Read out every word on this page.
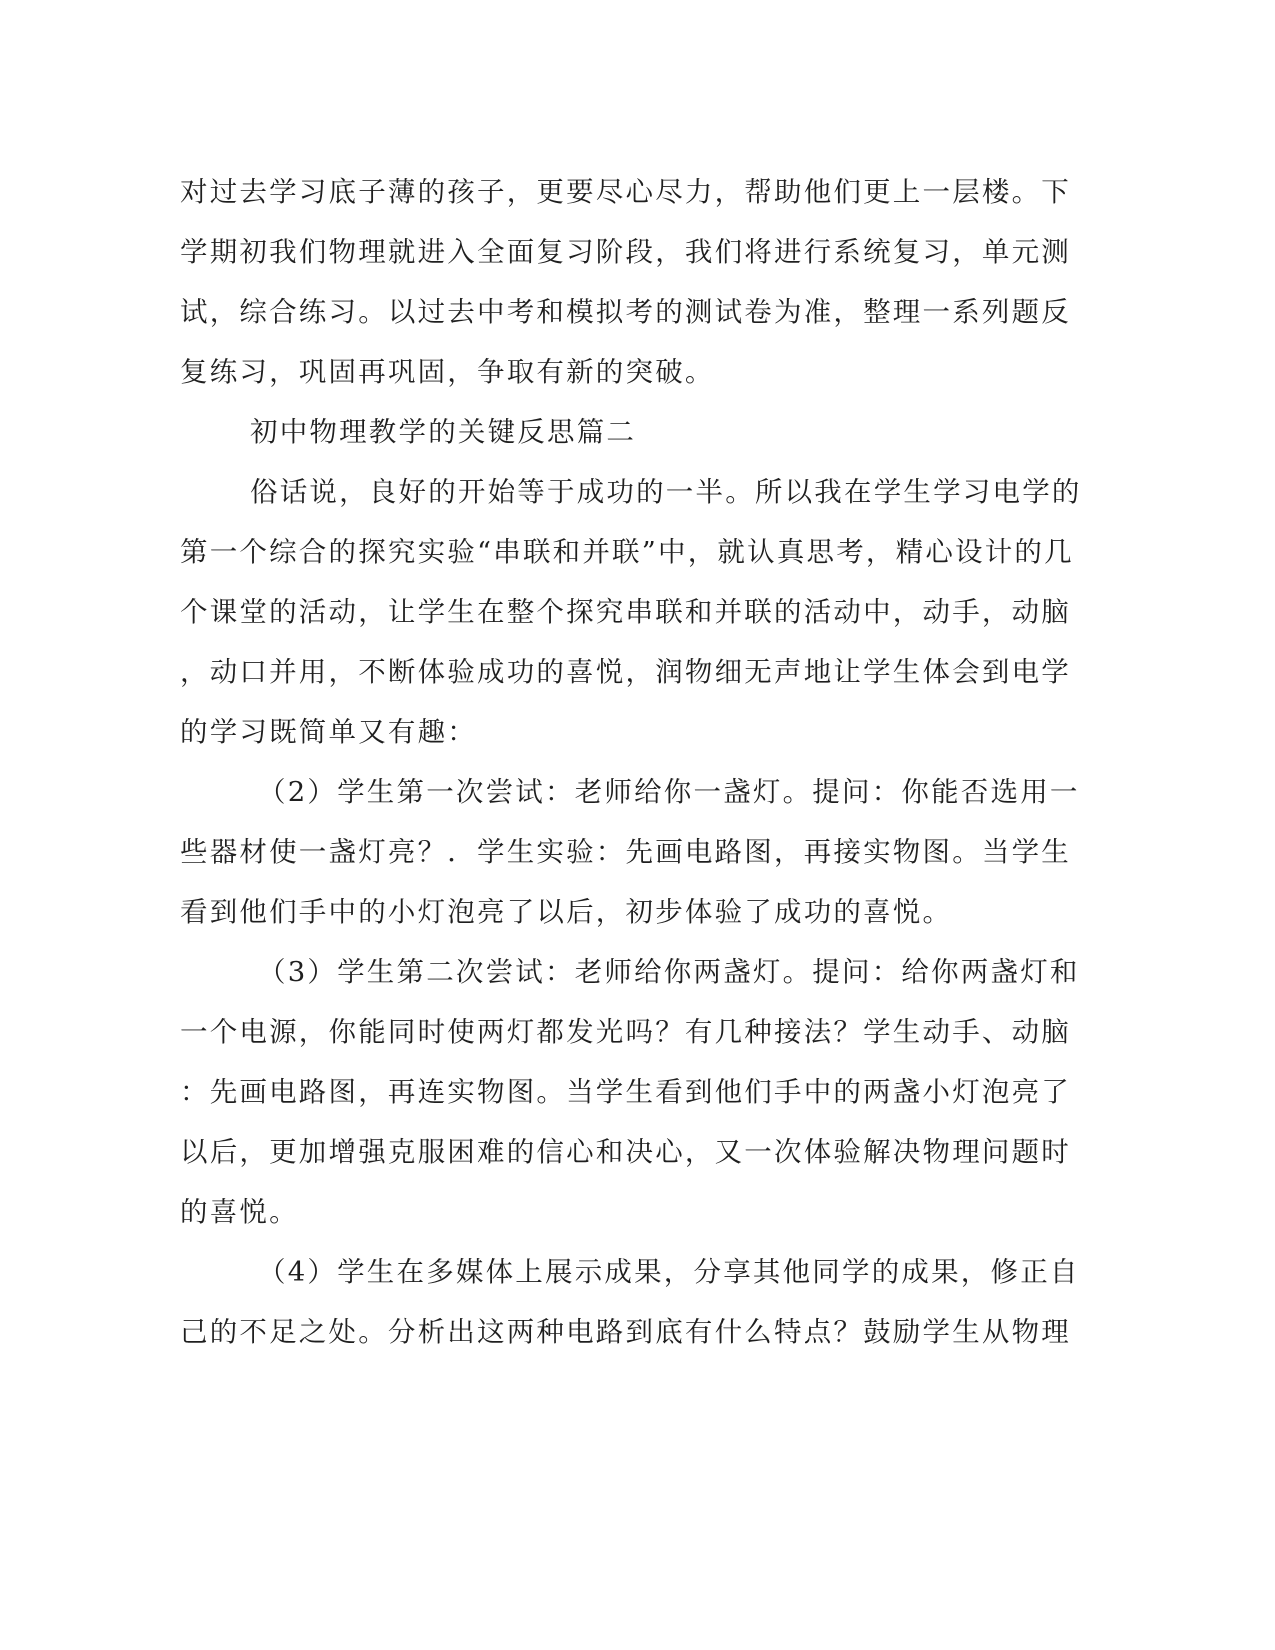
对过去学习底子薄的孩子，更要尽心尽力，帮助他们更上一层楼。下
学期初我们物理就进入全面复习阶段，我们将进行系统复习，单元测
试，综合练习。以过去中考和模拟考的测试卷为准，整理一系列题反
复练习，巩固再巩固，争取有新的突破。
初中物理教学的关键反思篇二
俗话说，良好的开始等于成功的一半。所以我在学生学习电学的
第一个综合的探究实验“串联和并联”中，就认真思考，精心设计的几
个课堂的活动，让学生在整个探究串联和并联的活动中，动手，动脑
，动口并用，不断体验成功的喜悦，润物细无声地让学生体会到电学
的学习既简单又有趣：
（2）学生第一次尝试：老师给你一盏灯。提问：你能否选用一
些器材使一盏灯亮？．学生实验：先画电路图，再接实物图。当学生
看到他们手中的小灯泡亮了以后，初步体验了成功的喜悦。
（3）学生第二次尝试：老师给你两盏灯。提问：给你两盏灯和
一个电源，你能同时使两灯都发光吗？有几种接法？学生动手、动脑
：先画电路图，再连实物图。当学生看到他们手中的两盏小灯泡亮了
以后，更加增强克服困难的信心和决心，又一次体验解决物理问题时
的喜悦。
（4）学生在多媒体上展示成果，分享其他同学的成果，修正自
己的不足之处。分析出这两种电路到底有什么特点？鼓励学生从物理
